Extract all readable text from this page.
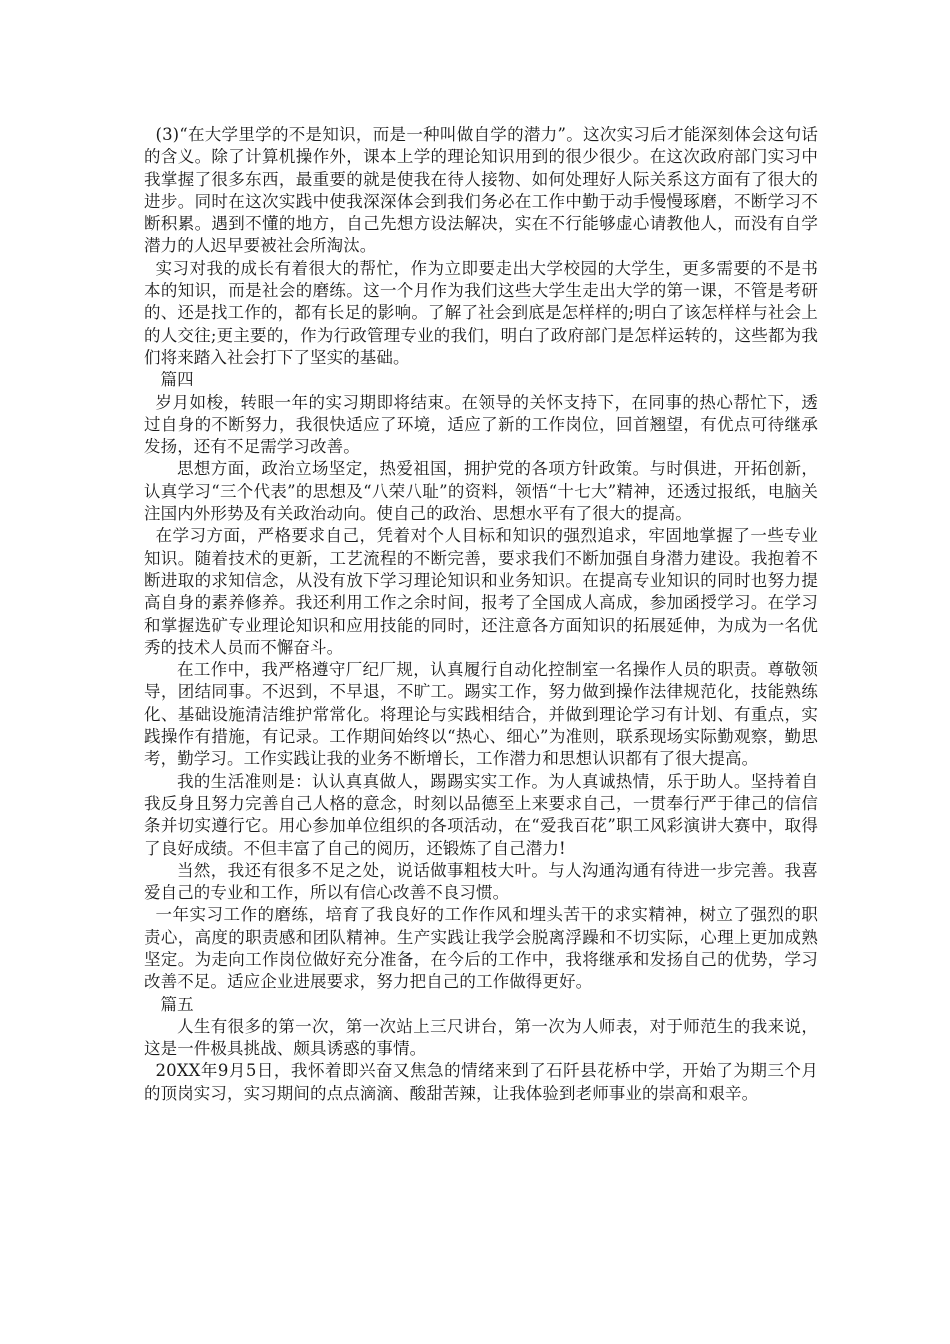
(3)“在大学里学的不是知识，而是一种叫做自学的潜力”。这次实习后才能深刻体会这句话的含义。除了计算机操作外，课本上学的理论知识用到的很少很少。在这次政府部门实习中我掌握了很多东西，最重要的就是使我在待人接物、如何处理好人际关系这方面有了很大的进步。同时在这次实践中使我深深体会到我们务必在工作中勤于动手慢慢琢磨，不断学习不断积累。遇到不懂的地方，自己先想方设法解决，实在不行能够虚心请教他人，而没有自学潜力的人迟早要被社会所淘汰。

实习对我的成长有着很大的帮忙，作为立即要走出大学校园的大学生，更多需要的不是书本的知识，而是社会的磨练。这一个月作为我们这些大学生走出大学的第一课，不管是考研的、还是找工作的，都有长足的影响。了解了社会到底是怎样样的;明白了该怎样样与社会上的人交往;更主要的，作为行政管理专业的我们，明白了政府部门是怎样运转的，这些都为我们将来踏入社会打下了坚实的基础。

篇四

岁月如梭，转眼一年的实习期即将结束。在领导的关怀支持下，在同事的热心帮忙下，透过自身的不断努力，我很快适应了环境，适应了新的工作岗位，回首翘望，有优点可待继承发扬，还有不足需学习改善。

思想方面，政治立场坚定，热爱祖国，拥护党的各项方针政策。与时俱进，开拓创新，认真学习“三个代表”的思想及“八荣八耻”的资料，领悟“十七大”精神，还透过报纸，电脑关注国内外形势及有关政治动向。使自己的政治、思想水平有了很大的提高。

在学习方面，严格要求自己，凭着对个人目标和知识的强烈追求，牢固地掌握了一些专业知识。随着技术的更新，工艺流程的不断完善，要求我们不断加强自身潜力建设。我抱着不断进取的求知信念，从没有放下学习理论知识和业务知识。在提高专业知识的同时也努力提高自身的素养修养。我还利用工作之余时间，报考了全国成人高成，参加函授学习。在学习和掌握选矿专业理论知识和应用技能的同时，还注意各方面知识的拓展延伸，为成为一名优秀的技术人员而不懈奋斗。

在工作中，我严格遵守厂纪厂规，认真履行自动化控制室一名操作人员的职责。尊敬领导，团结同事。不迟到，不早退，不旷工。踢实工作，努力做到操作法律规范化，技能熟练化、基础设施清洁维护常常化。将理论与实践相结合，并做到理论学习有计划、有重点，实践操作有措施，有记录。工作期间始终以“热心、细心”为准则，联系现场实际勤观察，勤思考，勤学习。工作实践让我的业务不断增长，工作潜力和思想认识都有了很大提高。

我的生活准则是：认认真真做人，踢踢实实工作。为人真诚热情，乐于助人。坚持着自我反身且努力完善自己人格的意念，时刻以品德至上来要求自己，一贯奉行严于律己的信信条并切实遵行它。用心参加单位组织的各项活动，在“爱我百花”职工风彩演讲大赛中，取得了良好成绩。不但丰富了自己的阅历，还锻炼了自己潜力!

当然，我还有很多不足之处，说话做事粗枝大叶。与人沟通沟通有待进一步完善。我喜爱自己的专业和工作，所以有信心改善不良习惯。

一年实习工作的磨练，培育了我良好的工作作风和埋头苦干的求实精神，树立了强烈的职责心，高度的职责感和团队精神。生产实践让我学会脱离浮躁和不切实际，心理上更加成熟坚定。为走向工作岗位做好充分准备，在今后的工作中，我将继承和发扬自己的优势，学习改善不足。适应企业进展要求，努力把自己的工作做得更好。

篇五

人生有很多的第一次，第一次站上三尺讲台，第一次为人师表，对于师范生的我来说，这是一件极具挑战、颇具诱惑的事情。

20XX年9月5日，我怀着即兴奋又焦急的情绪来到了石阡县花桥中学，开始了为期三个月的顶岗实习，实习期间的点点滴滴、酸甜苦辣，让我体验到老师事业的崇高和艰辛。
